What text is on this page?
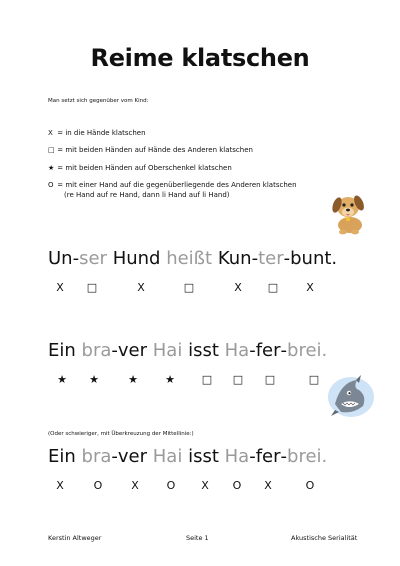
Reime klatschen
Man setzt sich gegenüber vom Kind:
X = in die Hände klatschen
□ = mit beiden Händen auf Hände des Anderen klatschen
★ = mit beiden Händen auf Oberschenkel klatschen
O = mit einer Hand auf die gegenüberliegende des Anderen klatschen
(re Hand auf re Hand, dann li Hand auf li Hand)
Un-ser Hund heißt Kun-ter-bunt.
X □	X	□	X □	X
Ein bra-ver Hai isst Ha-fer-brei.
★ ★	★ ★ □ □ □	□
(Oder schwieriger, mit Überkreuzung der Mittellinie:)
Ein bra-ver Hai isst Ha-fer-brei.
X	O	X	O X O X	O
Kerstin Altweger	Seite 1	Akustische Serialität
